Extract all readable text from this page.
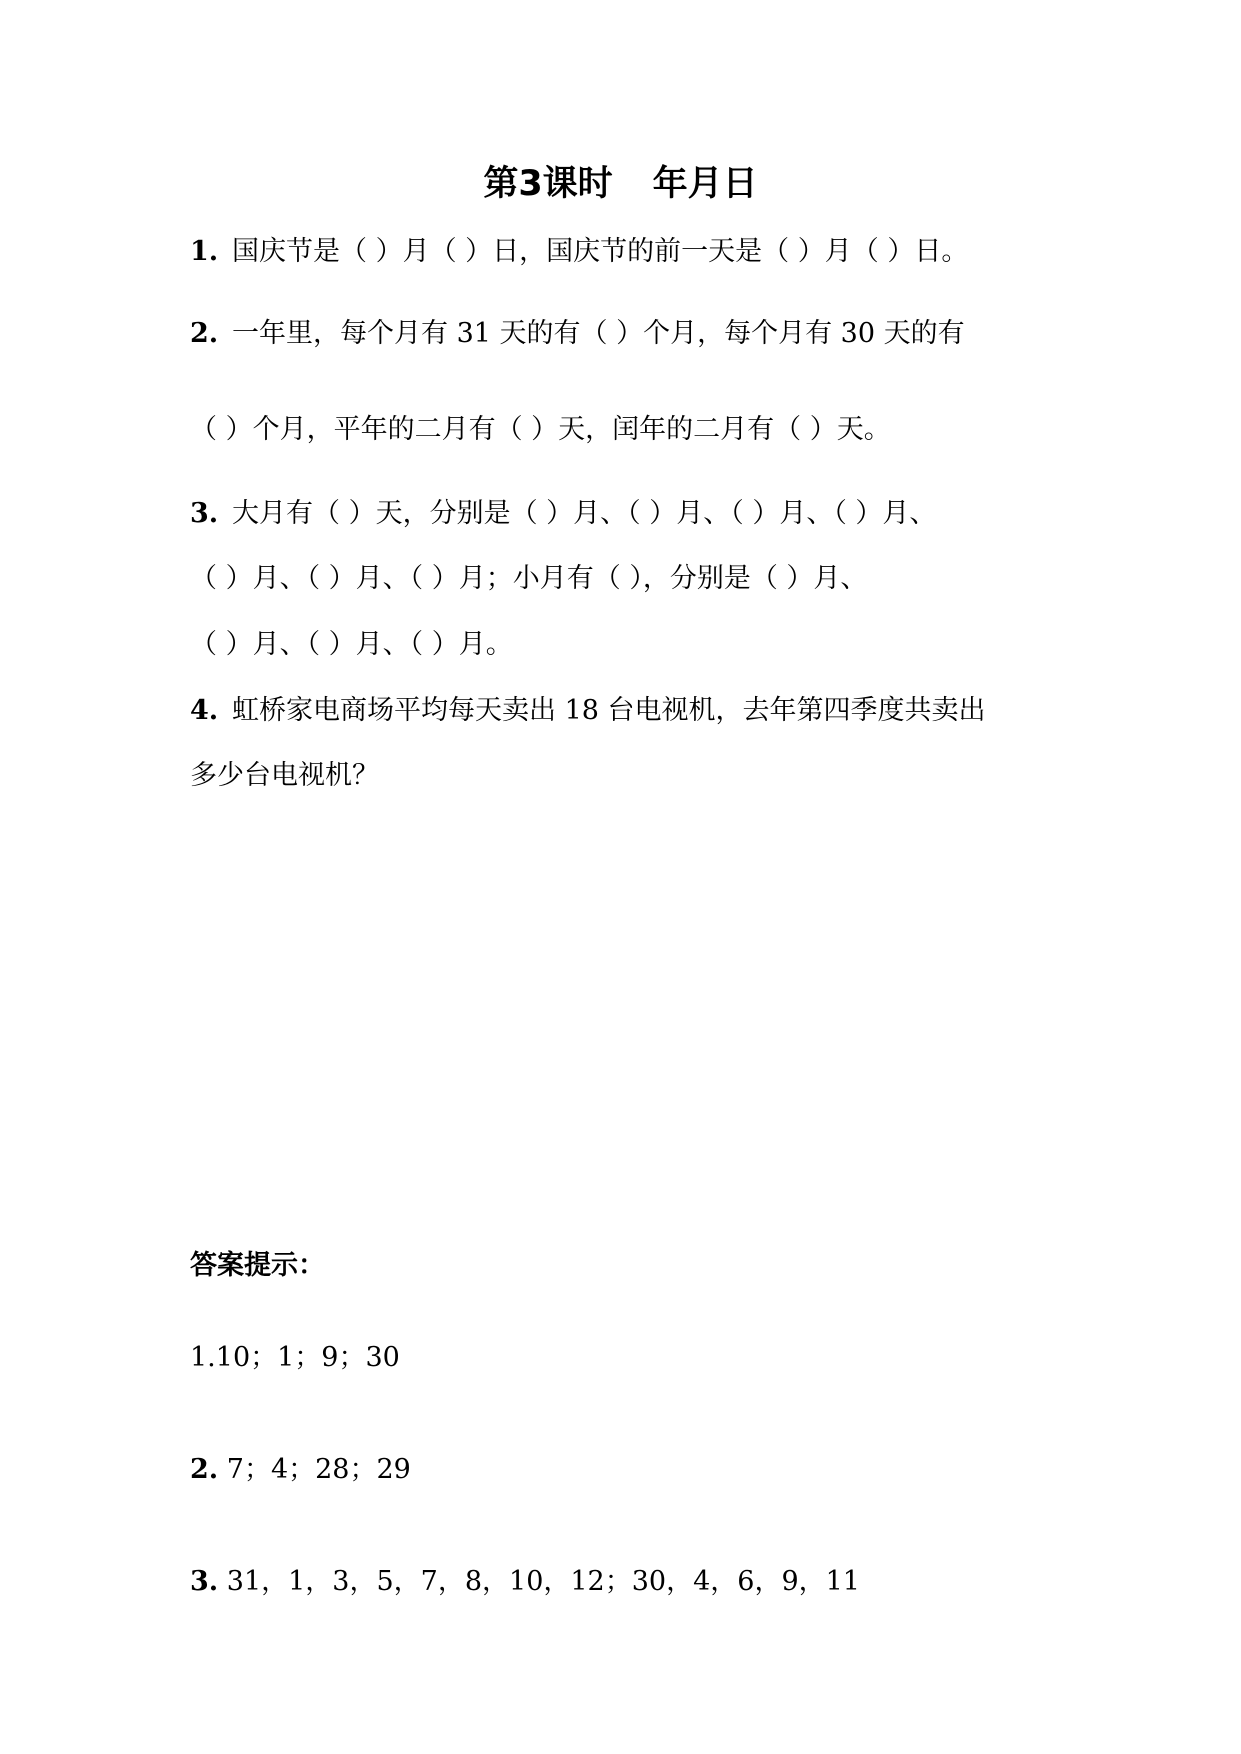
第3课时 年月日
1. 国庆节是（ ）月（ ）日，国庆节的前一天是（ ）月（ ）日。
2. 一年里，每个月有 31 天的有（ ）个月，每个月有 30 天的有
（ ）个月，平年的二月有（ ）天，闰年的二月有（ ）天。
3. 大月有（ ）天，分别是（ ）月、（ ）月、（ ）月、（ ）月、
（ ）月、（ ）月、（ ）月；小月有（ ），分别是（ ）月、
（ ）月、（ ）月、（ ）月。
4. 虹桥家电商场平均每天卖出 18 台电视机，去年第四季度共卖出
多少台电视机？
答案提示：
1.10；1；9；30
2. 7；4；28；29
3. 31，1，3，5，7，8，10，12；30，4，6，9，11
